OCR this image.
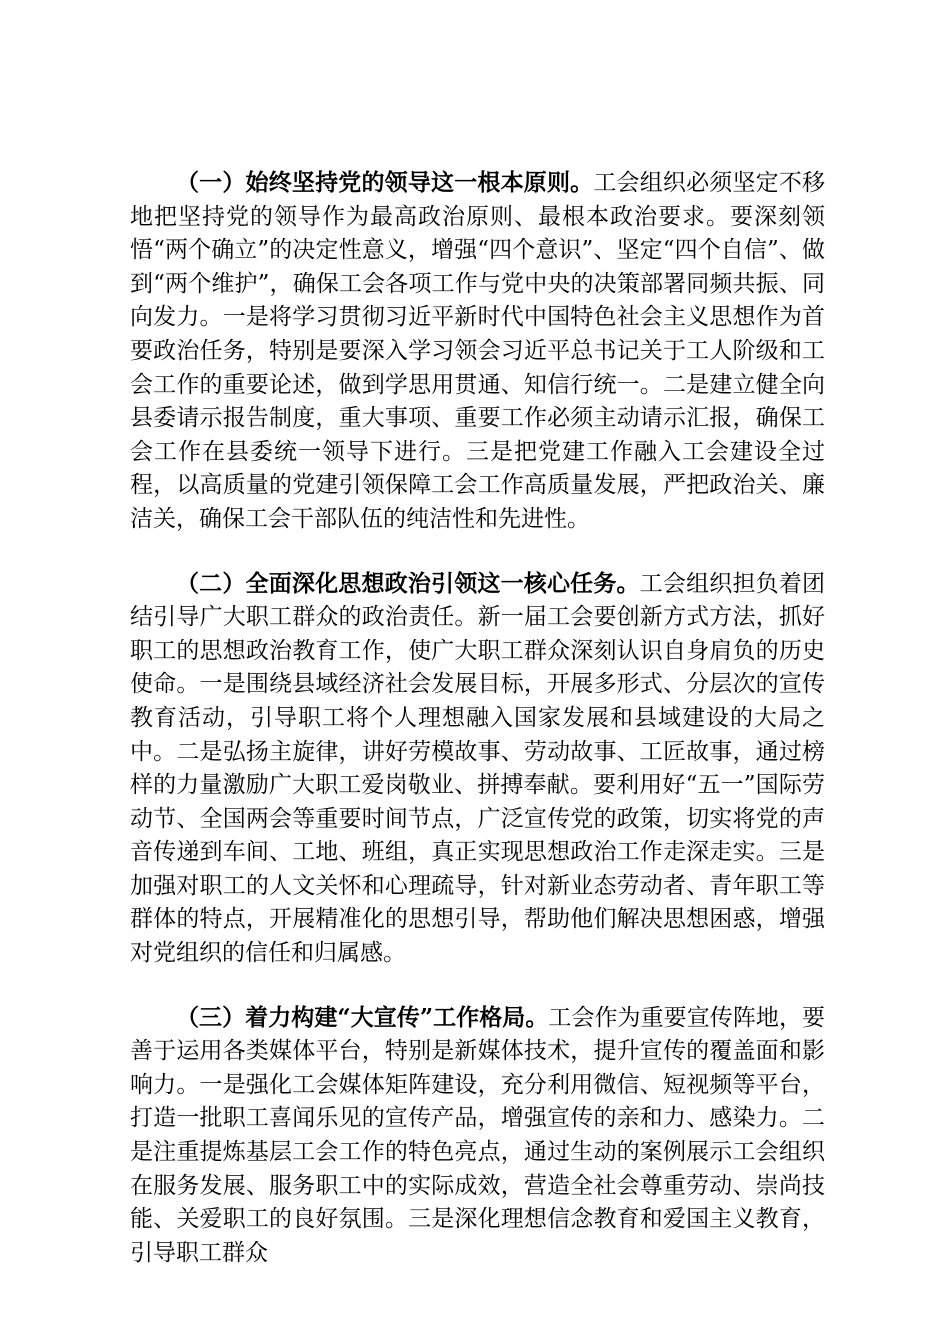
（一）始终坚持党的领导这一根本原则。工会组织必须坚定不移地把坚持党的领导作为最高政治原则、最根本政治要求。要深刻领悟“两个确立”的决定性意义，增强“四个意识”、坚定“四个自信”、做到“两个维护”，确保工会各项工作与党中央的决策部署同频共振、同向发力。一是将学习贯彻习近平新时代中国特色社会主义思想作为首要政治任务，特别是要深入学习领会习近平总书记关于工人阶级和工会工作的重要论述，做到学思用贯通、知信行统一。二是建立健全向县委请示报告制度，重大事项、重要工作必须主动请示汇报，确保工会工作在县委统一领导下进行。三是把党建工作融入工会建设全过程，以高质量的党建引领保障工会工作高质量发展，严把政治关、廉洁关，确保工会干部队伍的纯洁性和先进性。

（二）全面深化思想政治引领这一核心任务。工会组织担负着团结引导广大职工群众的政治责任。新一届工会要创新方式方法，抓好职工的思想政治教育工作，使广大职工群众深刻认识自身肩负的历史使命。一是围绕县域经济社会发展目标，开展多形式、分层次的宣传教育活动，引导职工将个人理想融入国家发展和县域建设的大局之中。二是弘扬主旋律，讲好劳模故事、劳动故事、工匠故事，通过榜样的力量激励广大职工爱岗敬业、拼搏奉献。要利用好“五一”国际劳动节、全国两会等重要时间节点，广泛宣传党的政策，切实将党的声音传递到车间、工地、班组，真正实现思想政治工作走深走实。三是加强对职工的人文关怀和心理疏导，针对新业态劳动者、青年职工等群体的特点，开展精准化的思想引导，帮助他们解决思想困惑，增强对党组织的信任和归属感。

（三）着力构建“大宣传”工作格局。工会作为重要宣传阵地，要善于运用各类媒体平台，特别是新媒体技术，提升宣传的覆盖面和影响力。一是强化工会媒体矩阵建设，充分利用微信、短视频等平台，打造一批职工喜闻乐见的宣传产品，增强宣传的亲和力、感染力。二是注重提炼基层工会工作的特色亮点，通过生动的案例展示工会组织在服务发展、服务职工中的实际成效，营造全社会尊重劳动、崇尚技能、关爱职工的良好氛围。三是深化理想信念教育和爱国主义教育，引导职工群众
